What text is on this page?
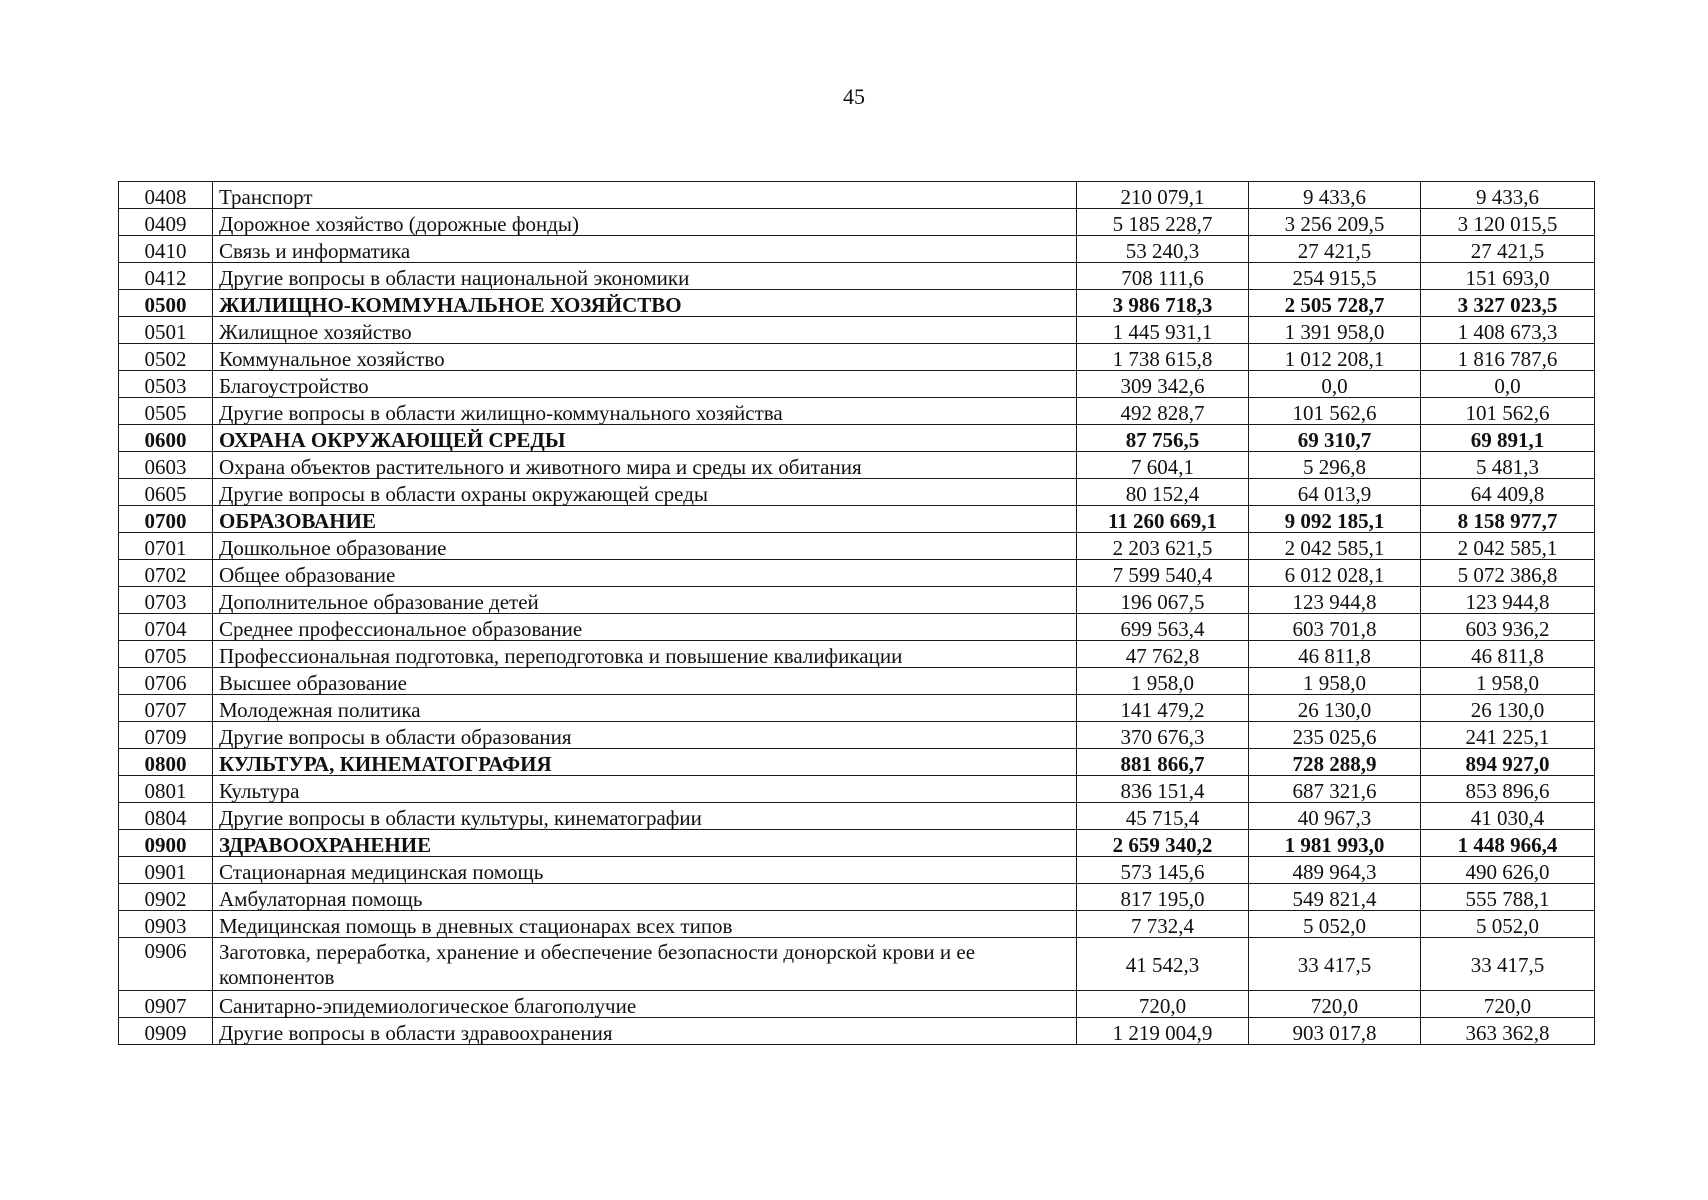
45
0408	Транспорт	210 079,1	9 433,6	9 433,6
0409	Дорожное хозяйство (дорожные фонды)	5 185 228,7	3 256 209,5	3 120 015,5
0410	Связь и информатика	53 240,3	27 421,5	27 421,5
0412	Другие вопросы в области национальной экономики	708 111,6	254 915,5	151 693,0
0500	ЖИЛИЩНО-КОММУНАЛЬНОЕ ХОЗЯЙСТВО	3 986 718,3	2 505 728,7	3 327 023,5
0501	Жилищное хозяйство	1 445 931,1	1 391 958,0	1 408 673,3
0502	Коммунальное хозяйство	1 738 615,8	1 012 208,1	1 816 787,6
0503	Благоустройство	309 342,6	0,0	0,0
0505	Другие вопросы в области жилищно-коммунального хозяйства	492 828,7	101 562,6	101 562,6
0600	ОХРАНА ОКРУЖАЮЩЕЙ СРЕДЫ	87 756,5	69 310,7	69 891,1
0603	Охрана объектов растительного и животного мира и среды их обитания	7 604,1	5 296,8	5 481,3
0605	Другие вопросы в области охраны окружающей среды	80 152,4	64 013,9	64 409,8
0700	ОБРАЗОВАНИЕ	11 260 669,1	9 092 185,1	8 158 977,7
0701	Дошкольное образование	2 203 621,5	2 042 585,1	2 042 585,1
0702	Общее образование	7 599 540,4	6 012 028,1	5 072 386,8
0703	Дополнительное образование детей	196 067,5	123 944,8	123 944,8
0704	Среднее профессиональное образование	699 563,4	603 701,8	603 936,2
0705	Профессиональная подготовка, переподготовка и повышение квалификации	47 762,8	46 811,8	46 811,8
0706	Высшее образование	1 958,0	1 958,0	1 958,0
0707	Молодежная политика	141 479,2	26 130,0	26 130,0
0709	Другие вопросы в области образования	370 676,3	235 025,6	241 225,1
0800	КУЛЬТУРА, КИНЕМАТОГРАФИЯ	881 866,7	728 288,9	894 927,0
0801	Культура	836 151,4	687 321,6	853 896,6
0804	Другие вопросы в области культуры, кинематографии	45 715,4	40 967,3	41 030,4
0900	ЗДРАВООХРАНЕНИЕ	2 659 340,2	1 981 993,0	1 448 966,4
0901	Стационарная медицинская помощь	573 145,6	489 964,3	490 626,0
0902	Амбулаторная помощь	817 195,0	549 821,4	555 788,1
0903	Медицинская помощь в дневных стационарах всех типов	7 732,4	5 052,0	5 052,0
0906	Заготовка, переработка, хранение и обеспечение безопасности донорской крови и ее компонентов	41 542,3	33 417,5	33 417,5
0907	Санитарно-эпидемиологическое благополучие	720,0	720,0	720,0
0909	Другие вопросы в области здравоохранения	1 219 004,9	903 017,8	363 362,8
